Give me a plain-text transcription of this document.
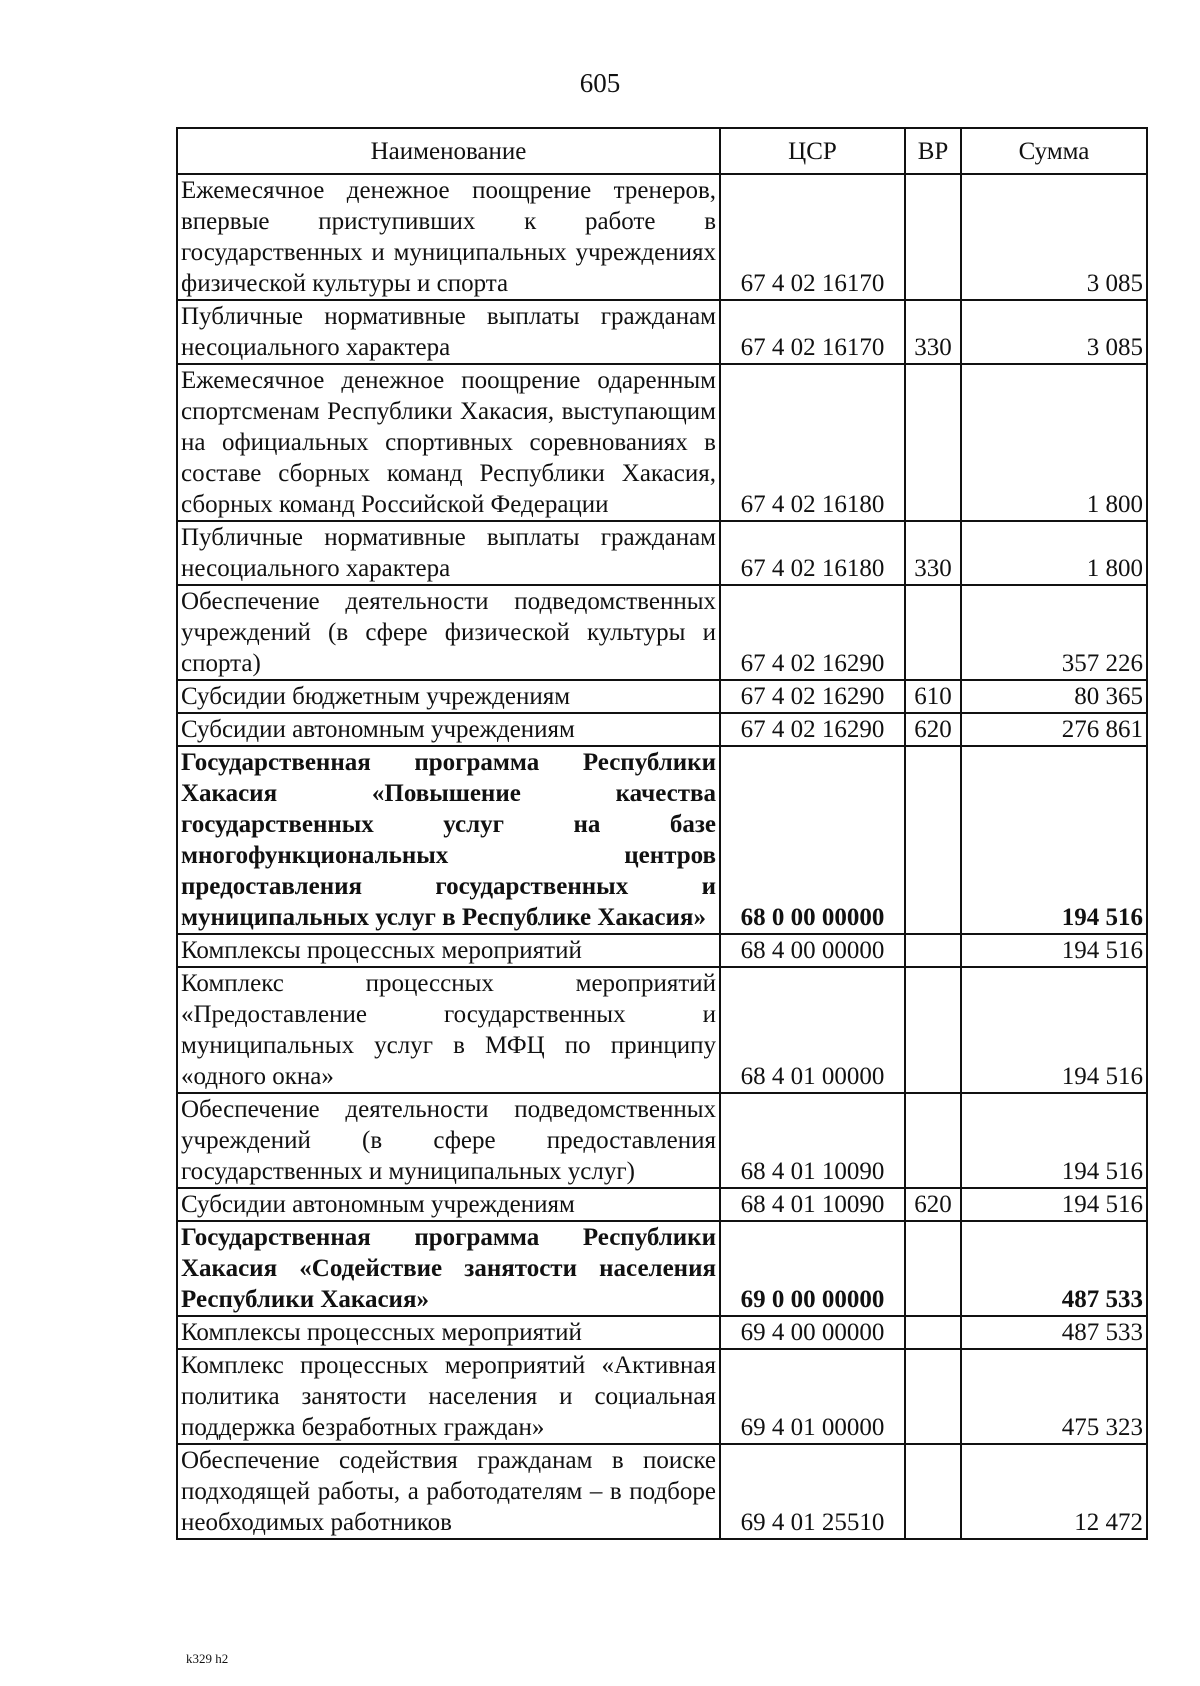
605
Наименование	ЦСР	ВР	Сумма
Ежемесячное денежное поощрение тренеров, впервые приступивших к работе в государственных и муниципальных учреждениях физической культуры и спорта	67 4 02 16170		3 085
Публичные нормативные выплаты гражданам несоциального характера	67 4 02 16170	330	3 085
Ежемесячное денежное поощрение одаренным спортсменам Республики Хакасия, выступающим на официальных спортивных соревнованиях в составе сборных команд Республики Хакасия, сборных команд Российской Федерации	67 4 02 16180		1 800
Публичные нормативные выплаты гражданам несоциального характера	67 4 02 16180	330	1 800
Обеспечение деятельности подведомственных учреждений (в сфере физической культуры и спорта)	67 4 02 16290		357 226
Субсидии бюджетным учреждениям	67 4 02 16290	610	80 365
Субсидии автономным учреждениям	67 4 02 16290	620	276 861
Государственная программа Республики Хакасия «Повышение качества государственных услуг на базе многофункциональных центров предоставления государственных и муниципальных услуг в Республике Хакасия»	68 0 00 00000		194 516
Комплексы процессных мероприятий	68 4 00 00000		194 516
Комплекс процессных мероприятий «Предоставление государственных и муниципальных услуг в МФЦ по принципу «одного окна»	68 4 01 00000		194 516
Обеспечение деятельности подведомственных учреждений (в сфере предоставления государственных и муниципальных услуг)	68 4 01 10090		194 516
Субсидии автономным учреждениям	68 4 01 10090	620	194 516
Государственная программа Республики Хакасия «Содействие занятости населения Республики Хакасия»	69 0 00 00000		487 533
Комплексы процессных мероприятий	69 4 00 00000		487 533
Комплекс процессных мероприятий «Активная политика занятости населения и социальная поддержка безработных граждан»	69 4 01 00000		475 323
Обеспечение содействия гражданам в поиске подходящей работы, а работодателям – в подборе необходимых работников	69 4 01 25510		12 472
k329 h2
